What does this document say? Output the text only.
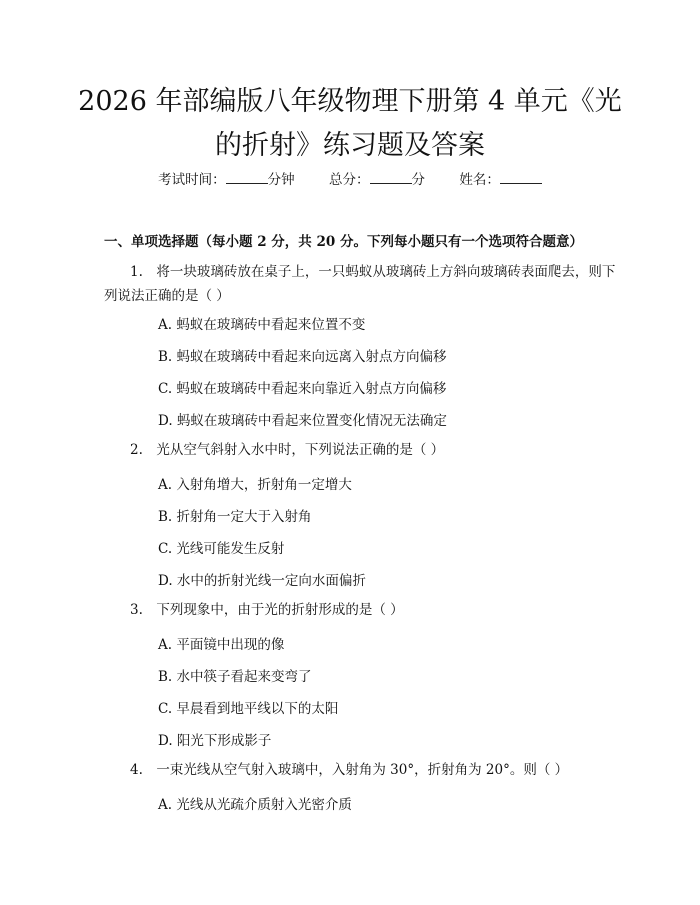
2026 年部编版八年级物理下册第 4 单元《光
的折射》练习题及答案
考试时间：	分钟	总分：	分	姓名：
一、单项选择题（每小题 2 分，共 20 分。下列每小题只有一个选项符合题意）
1.　将一块玻璃砖放在桌子上，一只蚂蚁从玻璃砖上方斜向玻璃砖表面爬去，则下列说法正确的是（ ）
A. 蚂蚁在玻璃砖中看起来位置不变
B. 蚂蚁在玻璃砖中看起来向远离入射点方向偏移
C. 蚂蚁在玻璃砖中看起来向靠近入射点方向偏移
D. 蚂蚁在玻璃砖中看起来位置变化情况无法确定
2.　光从空气斜射入水中时，下列说法正确的是（ ）
A. 入射角增大，折射角一定增大
B. 折射角一定大于入射角
C. 光线可能发生反射
D. 水中的折射光线一定向水面偏折
3.　下列现象中，由于光的折射形成的是（ ）
A. 平面镜中出现的像
B. 水中筷子看起来变弯了
C. 早晨看到地平线以下的太阳
D. 阳光下形成影子
4.　一束光线从空气射入玻璃中，入射角为 30°，折射角为 20°。则（ ）
A. 光线从光疏介质射入光密介质
